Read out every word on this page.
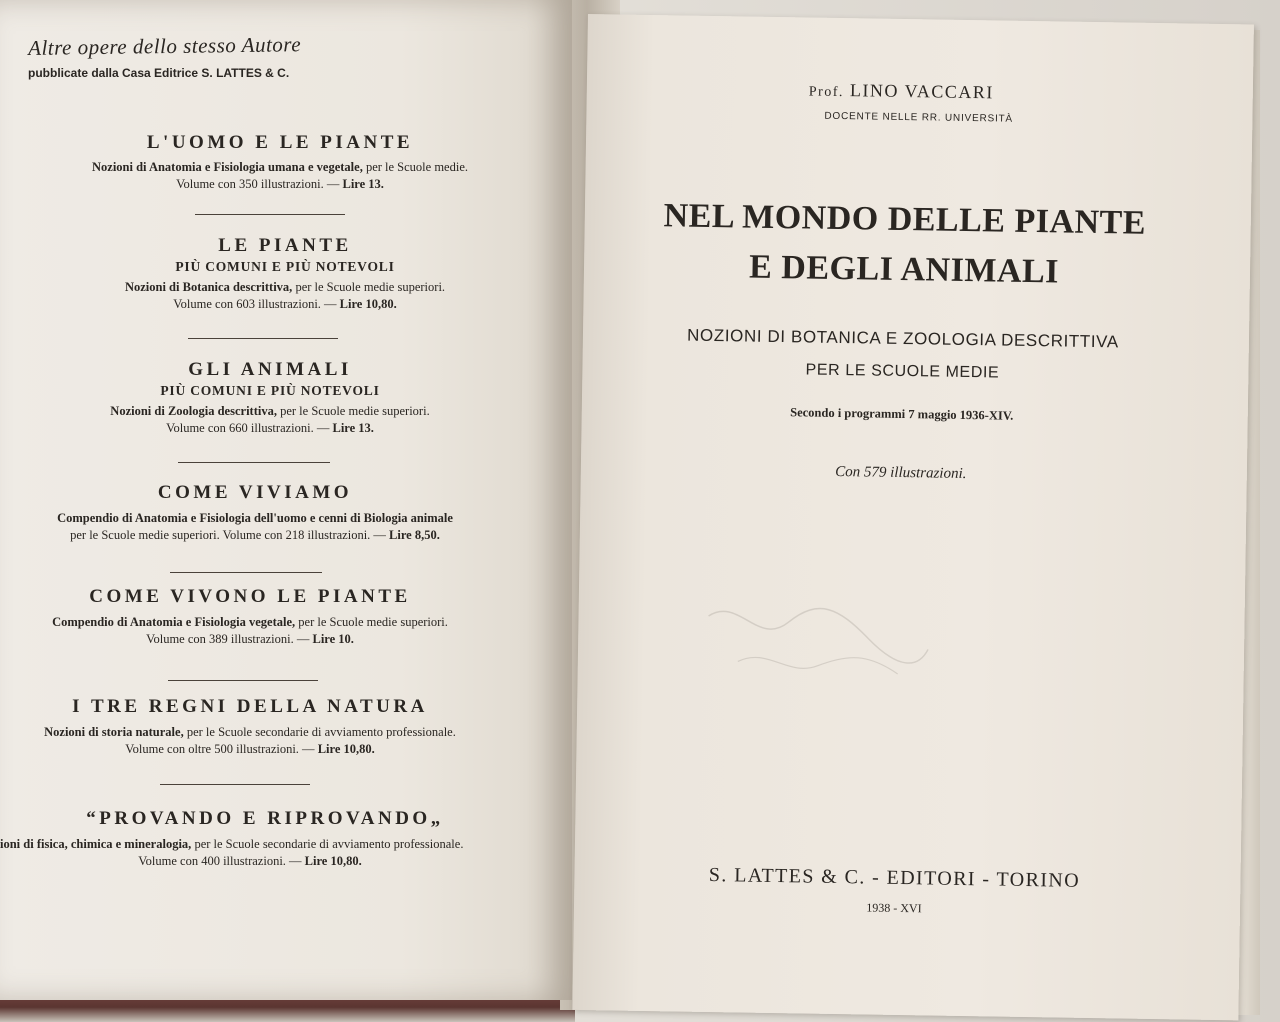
Altre opere dello stesso Autore
pubblicate dalla Casa Editrice S. LATTES & C.
L'UOMO E LE PIANTE
Nozioni di Anatomia e Fisiologia umana e vegetale, per le Scuole medie.
Volume con 350 illustrazioni. — Lire 13.
LE PIANTE
PIÙ COMUNI E PIÙ NOTEVOLI
Nozioni di Botanica descrittiva, per le Scuole medie superiori.
Volume con 603 illustrazioni. — Lire 10,80.
GLI ANIMALI
PIÙ COMUNI E PIÙ NOTEVOLI
Nozioni di Zoologia descrittiva, per le Scuole medie superiori.
Volume con 660 illustrazioni. — Lire 13.
COME VIVIAMO
Compendio di Anatomia e Fisiologia dell'uomo e cenni di Biologia animale
per le Scuole medie superiori. Volume con 218 illustrazioni. — Lire 8,50.
COME VIVONO LE PIANTE
Compendio di Anatomia e Fisiologia vegetale, per le Scuole medie superiori.
Volume con 389 illustrazioni. — Lire 10.
I TRE REGNI DELLA NATURA
Nozioni di storia naturale, per le Scuole secondarie di avviamento professionale.
Volume con oltre 500 illustrazioni. — Lire 10,80.
“PROVANDO E RIPROVANDO„
ioni di fisica, chimica e mineralogia, per le Scuole secondarie di avviamento professionale.
Volume con 400 illustrazioni. — Lire 10,80.
Prof. LINO VACCARI
DOCENTE NELLE RR. UNIVERSITÀ
NEL MONDO DELLE PIANTE
E DEGLI ANIMALI
NOZIONI DI BOTANICA E ZOOLOGIA DESCRITTIVA
PER LE SCUOLE MEDIE
Secondo i programmi 7 maggio 1936-XIV.
Con 579 illustrazioni.
S. LATTES & C. - EDITORI - TORINO
1938 - XVI
